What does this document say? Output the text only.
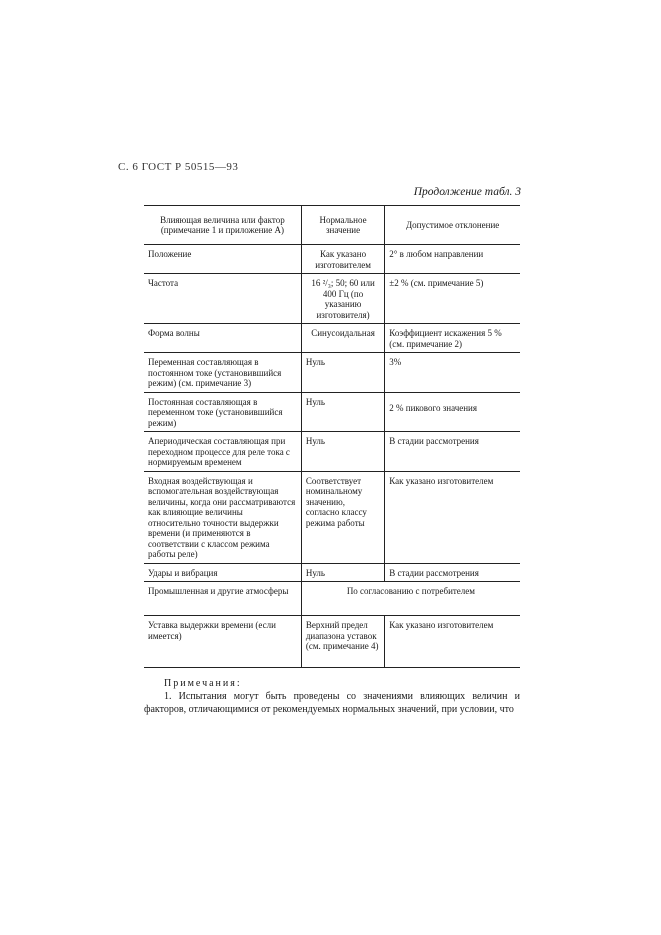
С. 6 ГОСТ Р 50515—93
Продолжение табл. 3
Влияющая величина или фактор (примечание 1 и приложение А)	Нормальное значение	Допустимое отклонение
Положение	Как указано изготовителем	2° в любом направлении
Частота	16 ²/₃; 50; 60 или 400 Гц (по указанию изготовителя)	±2 % (см. примечание 5)
Форма волны	Синусоидальная	Коэффициент искажения 5 % (см. примечание 2)
Переменная составляющая в постоянном токе (установившийся режим) (см. примечание 3)	Нуль	3%
Постоянная составляющая в переменном токе (установившийся режим)	Нуль	2 % пикового значения
Апериодическая составляющая при переходном процессе для реле тока с нормируемым временем	Нуль	В стадии рассмотрения
Входная воздействующая и вспомогательная воздействующая величины, когда они рассматриваются как влияющие величины относительно точности выдержки времени (и применяются в соответствии с классом режима работы реле)	Соответствует номинальному значению, согласно классу режима работы	Как указано изготовителем
Удары и вибрация	Нуль	В стадии рассмотрения
Промышленная и другие атмосферы	По согласованию с потребителем	
Уставка выдержки времени (если имеется)	Верхний предел диапазона уставок (см. примечание 4)	Как указано изготовителем
Примечания:
1. Испытания могут быть проведены со значениями влияющих величин и факторов, отличающимися от рекомендуемых нормальных значений, при условии, что
